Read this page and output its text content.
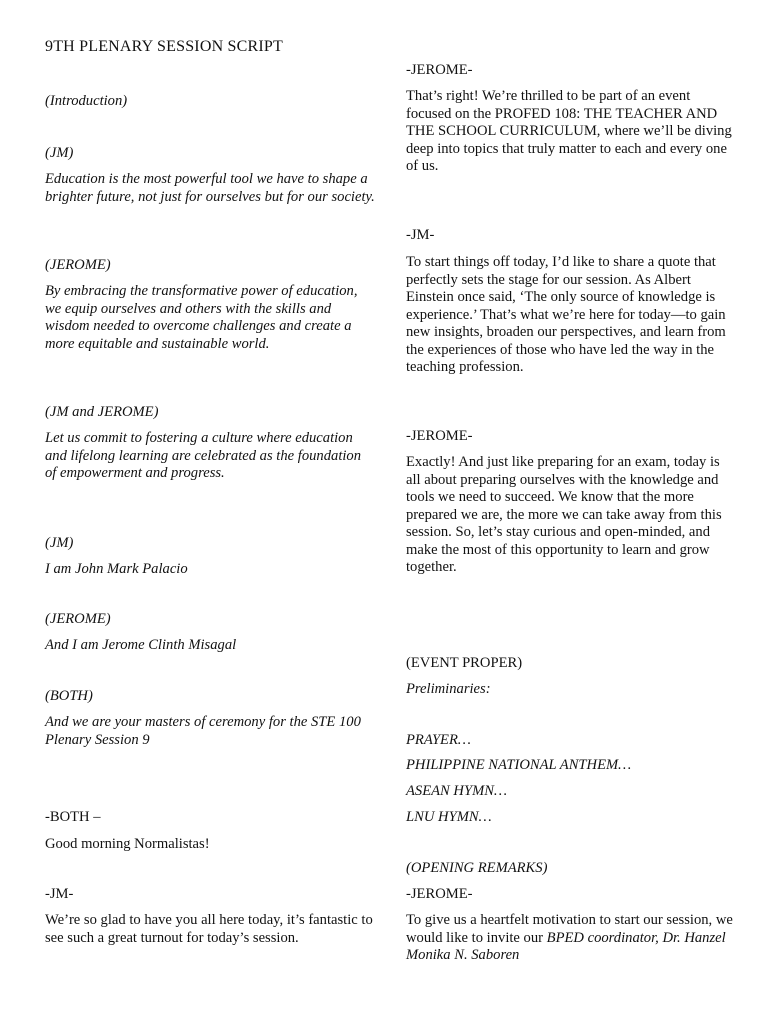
9TH PLENARY SESSION SCRIPT

(Introduction)

(JM)

Education is the most powerful tool we have to shape a brighter future, not just for ourselves but for our society.

(JEROME)

By embracing the transformative power of education, we equip ourselves and others with the skills and wisdom needed to overcome challenges and create a more equitable and sustainable world.

(JM and JEROME)

Let us commit to fostering a culture where education and lifelong learning are celebrated as the foundation of empowerment and progress.

(JM)

I am John Mark Palacio

(JEROME)

And I am Jerome Clinth Misagal

(BOTH)

And we are your masters of ceremony for the STE 100 Plenary Session 9

-BOTH –

Good morning Normalistas!

-JM-

We’re so glad to have you all here today, it’s fantastic to see such a great turnout for today’s session.

-JEROME-

That’s right! We’re thrilled to be part of an event focused on the PROFED 108: THE TEACHER AND THE SCHOOL CURRICULUM, where we’ll be diving deep into topics that truly matter to each and every one of us.

-JM-

To start things off today, I’d like to share a quote that perfectly sets the stage for our session. As Albert Einstein once said, ‘The only source of knowledge is experience.’ That’s what we’re here for today—to gain new insights, broaden our perspectives, and learn from the experiences of those who have led the way in the teaching profession.

-JEROME-

Exactly! And just like preparing for an exam, today is all about preparing ourselves with the knowledge and tools we need to succeed. We know that the more prepared we are, the more we can take away from this session. So, let’s stay curious and open-minded, and make the most of this opportunity to learn and grow together.

(EVENT PROPER)

Preliminaries:

PRAYER…

PHILIPPINE NATIONAL ANTHEM…

ASEAN HYMN…

LNU HYMN…

(OPENING REMARKS)

-JEROME-

To give us a heartfelt motivation to start our session, we would like to invite our BPED coordinator, Dr. Hanzel Monika N. Saboren
